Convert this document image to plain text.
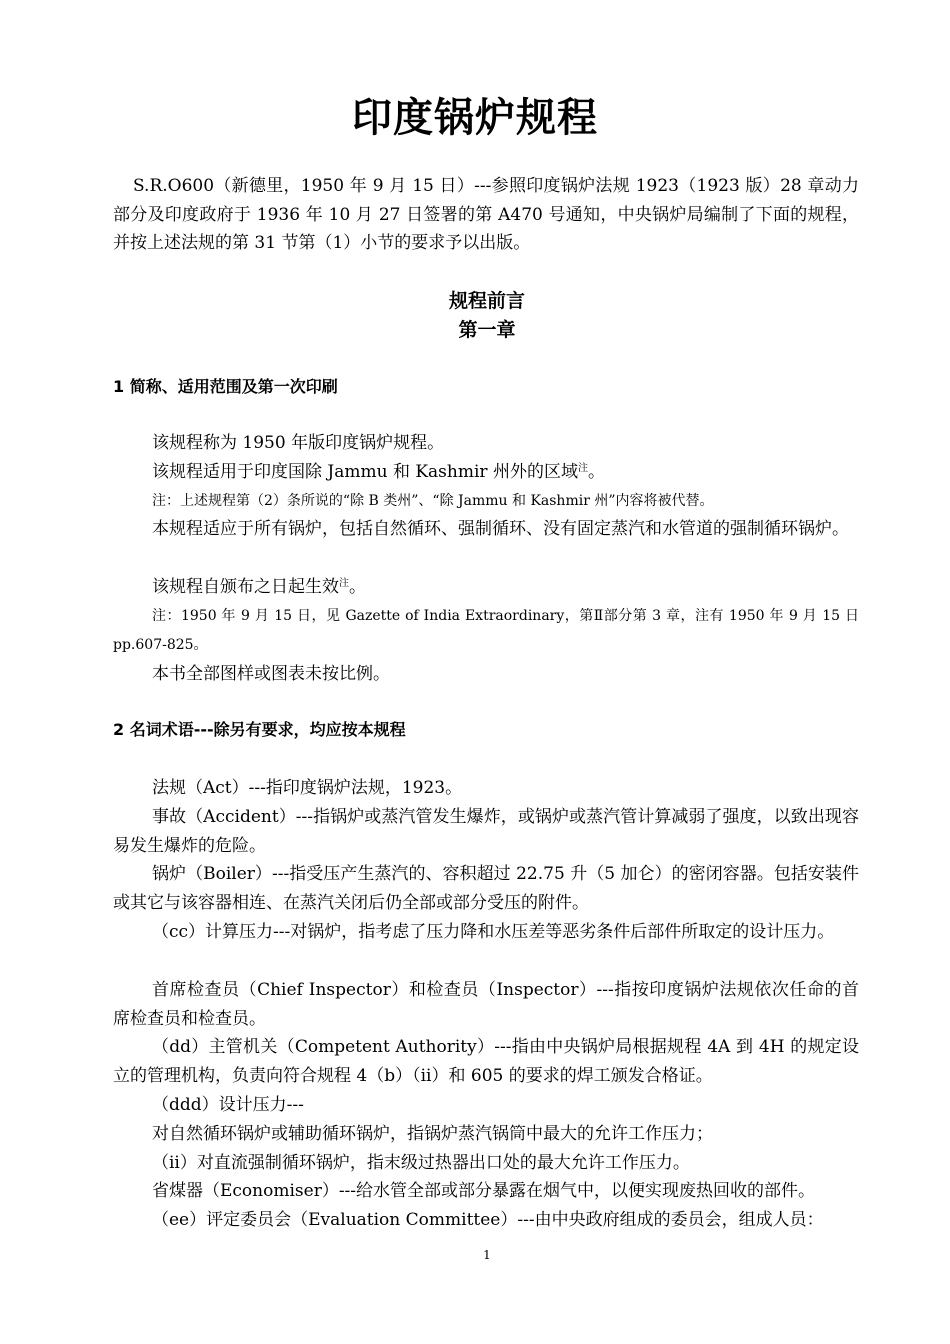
印度锅炉规程

S.R.O600（新德里，1950 年 9 月 15 日）---参照印度锅炉法规 1923（1923 版）28 章动力部分及印度政府于 1936 年 10 月 27 日签署的第 A470 号通知，中央锅炉局编制了下面的规程，并按上述法规的第 31 节第（1）小节的要求予以出版。

规程前言
第一章
1 简称、适用范围及第一次印刷

该规程称为 1950 年版印度锅炉规程。

该规程适用于印度国除 Jammu 和 Kashmir 州外的区域$^注$。

注：上述规程第（2）条所说的“除 B 类州”、“除 Jammu 和 Kashmir 州”内容将被代替。

本规程适应于所有锅炉，包括自然循环、强制循环、没有固定蒸汽和水管道的强制循环锅炉。

该规程自颁布之日起生效$^注$。

注：1950 年 9 月 15 日，见 Gazette of India Extraordinary，第Ⅱ部分第 3 章，注有 1950 年 9 月 15 日 pp.607-825。

本书全部图样或图表未按比例。

2 名词术语---除另有要求，均应按本规程

法规（Act）---指印度锅炉法规，1923。

事故（Accident）---指锅炉或蒸汽管发生爆炸，或锅炉或蒸汽管计算减弱了强度，以致出现容易发生爆炸的危险。

锅炉（Boiler）---指受压产生蒸汽的、容积超过 22.75 升（5 加仑）的密闭容器。包括安装件或其它与该容器相连、在蒸汽关闭后仍全部或部分受压的附件。

（cc）计算压力---对锅炉，指考虑了压力降和水压差等恶劣条件后部件所取定的设计压力。

首席检查员（Chief Inspector）和检查员（Inspector）---指按印度锅炉法规依次任命的首席检查员和检查员。

（dd）主管机关（Competent Authority）---指由中央锅炉局根据规程 4A 到 4H 的规定设立的管理机构，负责向符合规程 4（b）（ii）和 605 的要求的焊工颁发合格证。

（ddd）设计压力---

对自然循环锅炉或辅助循环锅炉，指锅炉蒸汽锅筒中最大的允许工作压力；

（ii）对直流强制循环锅炉，指末级过热器出口处的最大允许工作压力。

省煤器（Economiser）---给水管全部或部分暴露在烟气中，以便实现废热回收的部件。

（ee）评定委员会（Evaluation Committee）---由中央政府组成的委员会，组成人员：

1
